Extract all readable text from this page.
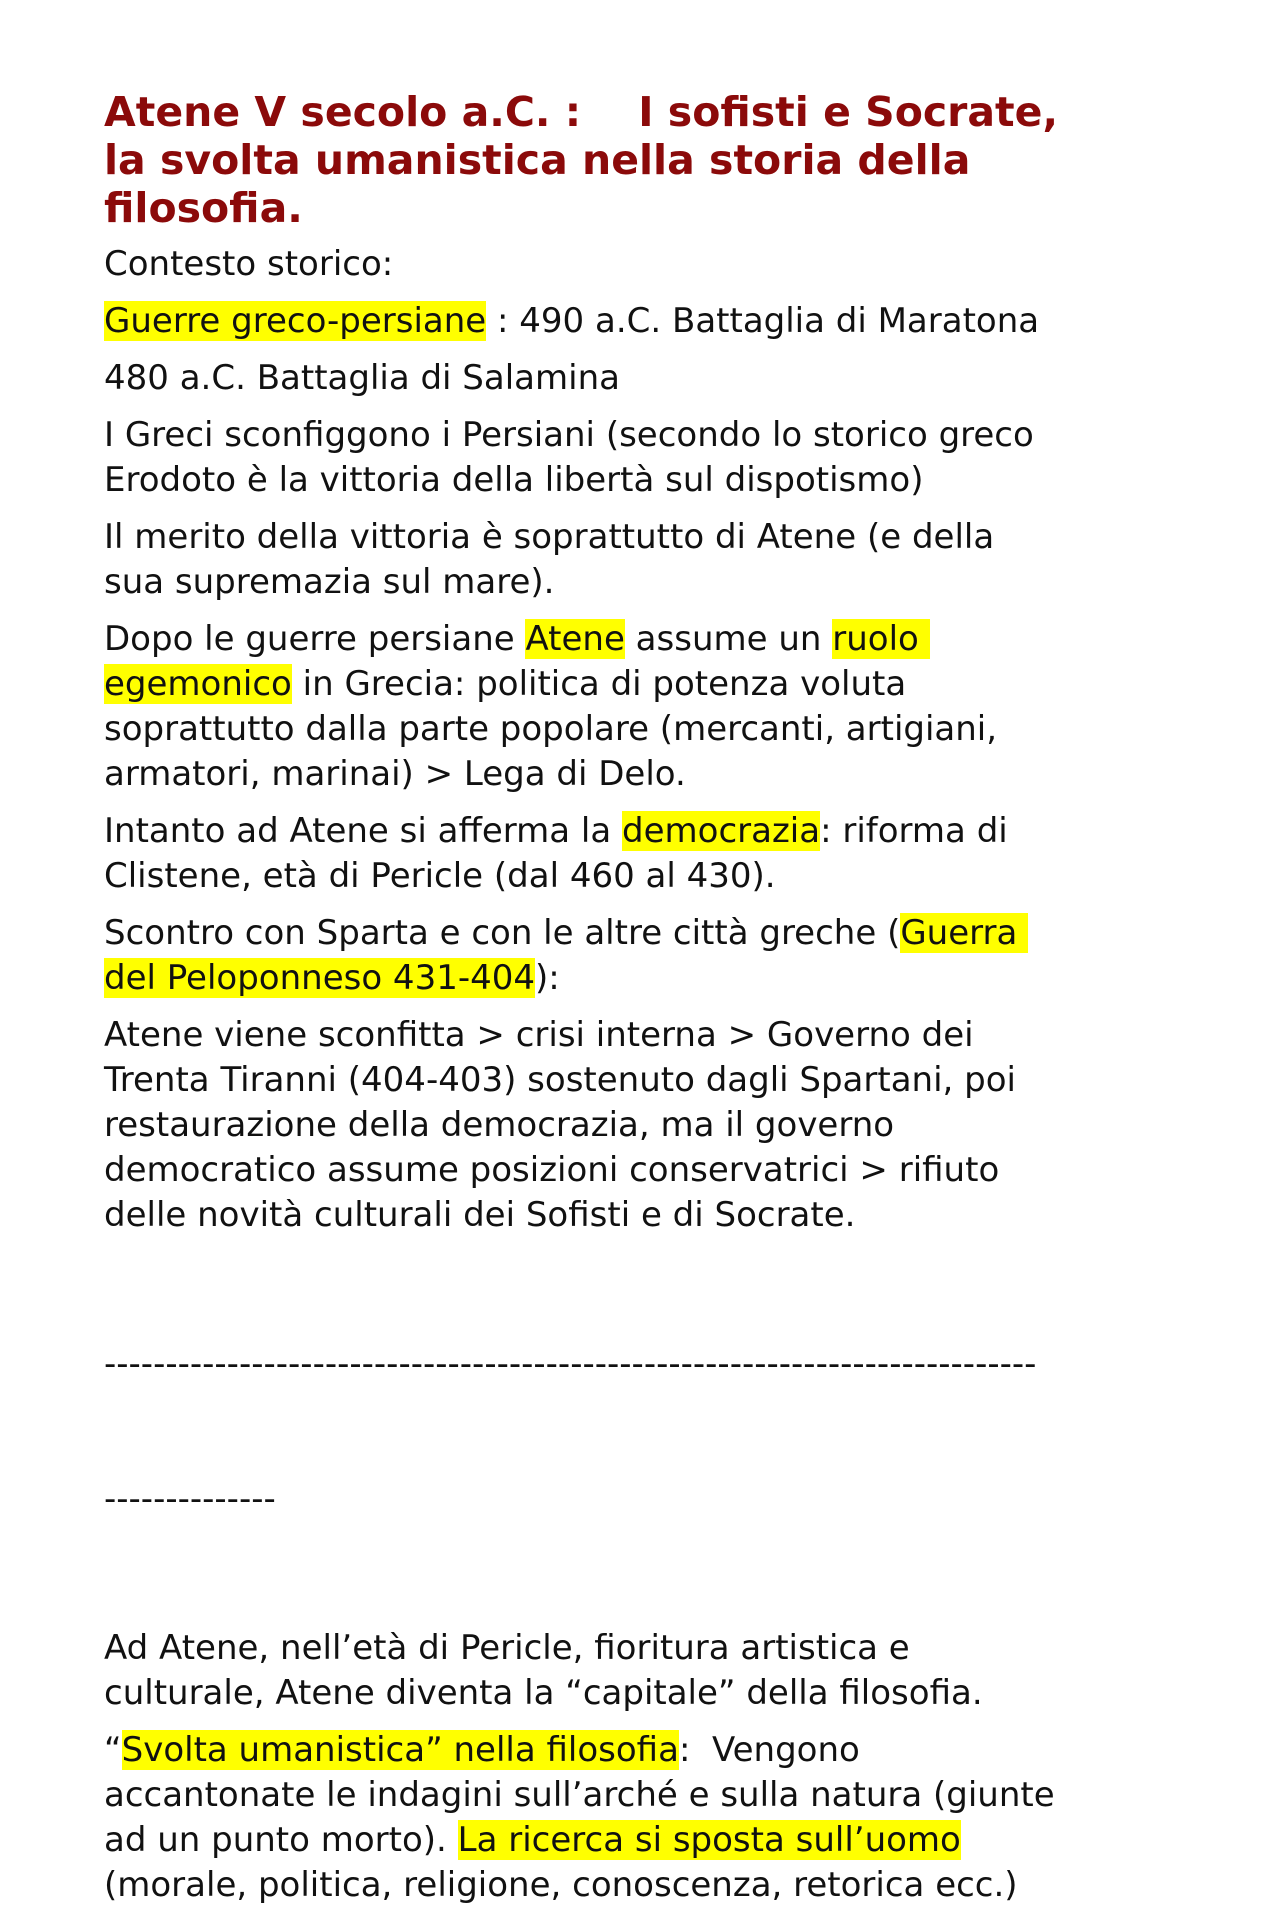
Atene V secolo a.C. :    I sofisti e Socrate,
la svolta umanistica nella storia della
filosofia.

Contesto storico:

Guerre greco-persiane : 490 a.C. Battaglia di Maratona

480 a.C. Battaglia di Salamina

I Greci sconfiggono i Persiani (secondo lo storico greco
Erodoto è la vittoria della libertà sul dispotismo)

Il merito della vittoria è soprattutto di Atene (e della
sua supremazia sul mare).

Dopo le guerre persiane Atene assume un ruolo
egemonico in Grecia: politica di potenza voluta
soprattutto dalla parte popolare (mercanti, artigiani,
armatori, marinai) > Lega di Delo.

Intanto ad Atene si afferma la democrazia: riforma di
Clistene, età di Pericle (dal 460 al 430).

Scontro con Sparta e con le altre città greche (Guerra
del Peloponneso 431-404):

Atene viene sconfitta > crisi interna > Governo dei
Trenta Tiranni (404-403) sostenuto dagli Spartani, poi
restaurazione della democrazia, ma il governo
democratico assume posizioni conservatrici > rifiuto
delle novità culturali dei Sofisti e di Socrate.

----------------------------------------------------------------------------

--------------

Ad Atene, nell’età di Pericle, fioritura artistica e
culturale, Atene diventa la “capitale” della filosofia.

“Svolta umanistica” nella filosofia:  Vengono
accantonate le indagini sull’arché e sulla natura (giunte
ad un punto morto). La ricerca si sposta sull’uomo
(morale, politica, religione, conoscenza, retorica ecc.)
